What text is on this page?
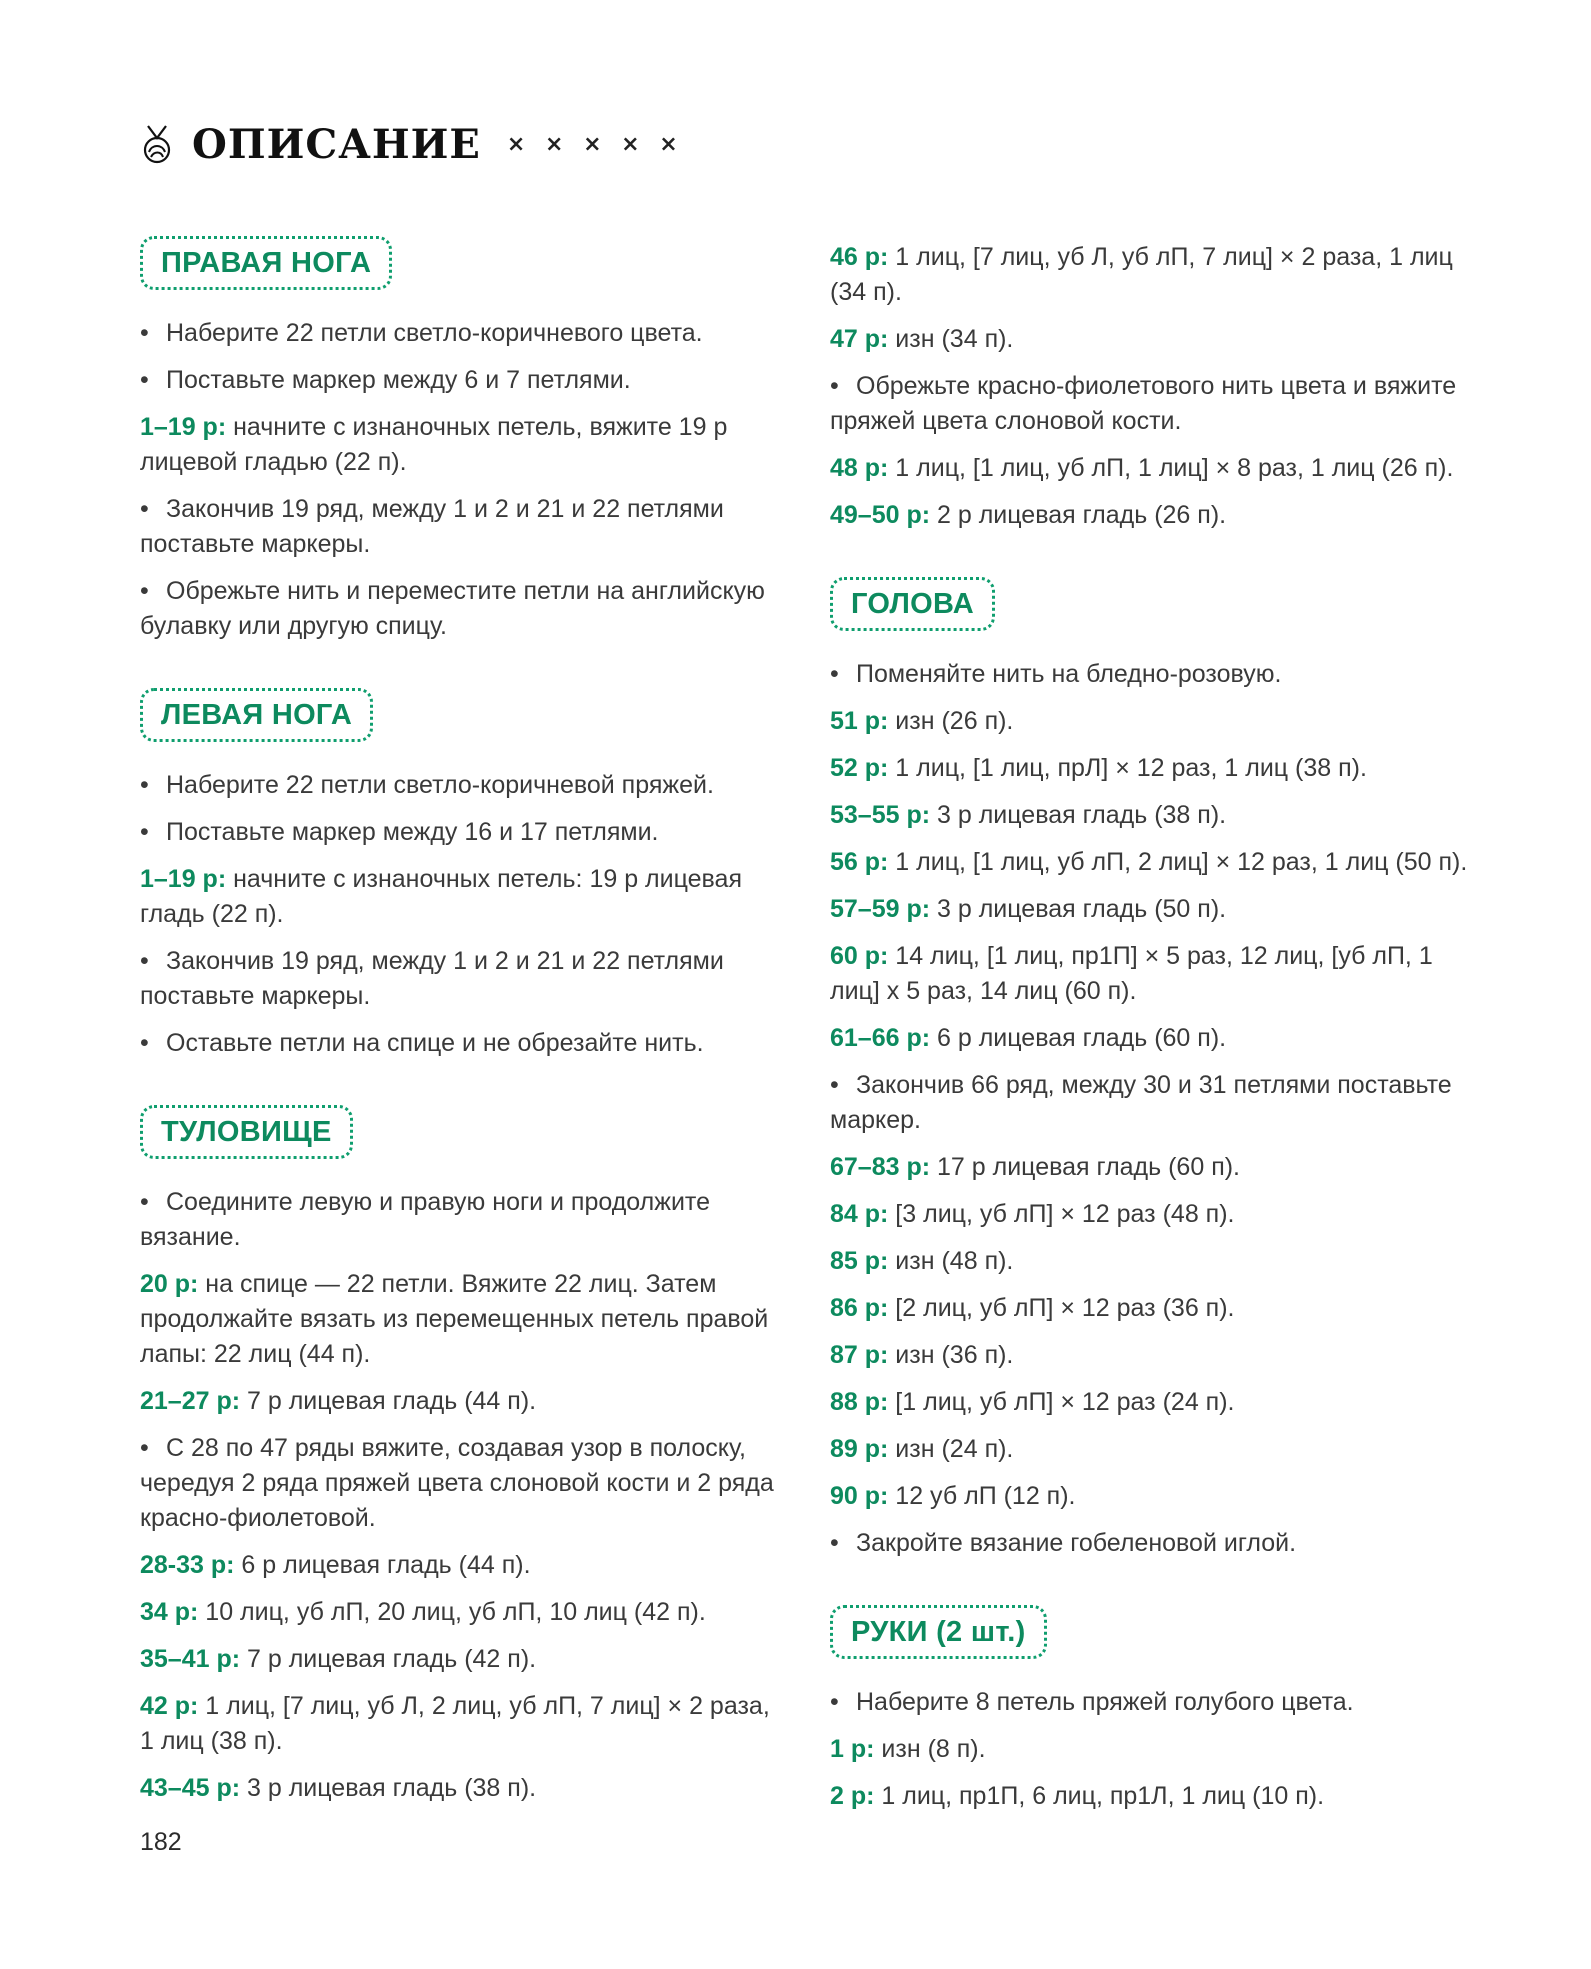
ОПИСАНИЕ × × × × ×
ПРАВАЯ НОГА
• Наберите 22 петли светло-коричневого цвета.
• Поставьте маркер между 6 и 7 петлями.
1–19 р: начните с изнаночных петель, вяжите 19 р лицевой гладью (22 п).
• Закончив 19 ряд, между 1 и 2 и 21 и 22 петлями поставьте маркеры.
• Обрежьте нить и переместите петли на английскую булавку или другую спицу.
ЛЕВАЯ НОГА
• Наберите 22 петли светло-коричневой пряжей.
• Поставьте маркер между 16 и 17 петлями.
1–19 р: начните с изнаночных петель: 19 р лицевая гладь (22 п).
• Закончив 19 ряд, между 1 и 2 и 21 и 22 петлями поставьте маркеры.
• Оставьте петли на спице и не обрезайте нить.
ТУЛОВИЩЕ
• Соедините левую и правую ноги и продолжите вязание.
20 р: на спице — 22 петли. Вяжите 22 лиц. Затем продолжайте вязать из перемещенных петель правой лапы: 22 лиц (44 п).
21–27 р: 7 р лицевая гладь (44 п).
• С 28 по 47 ряды вяжите, создавая узор в полоску, чередуя 2 ряда пряжей цвета слоновой кости и 2 ряда красно-фиолетовой.
28-33 р: 6 р лицевая гладь (44 п).
34 р: 10 лиц, уб лП, 20 лиц, уб лП, 10 лиц (42 п).
35–41 р: 7 р лицевая гладь (42 п).
42 р: 1 лиц, [7 лиц, уб Л, 2 лиц, уб лП, 7 лиц] × 2 раза, 1 лиц (38 п).
43–45 р: 3 р лицевая гладь (38 п).
46 р: 1 лиц, [7 лиц, уб Л, уб лП, 7 лиц] × 2 раза, 1 лиц (34 п).
47 р: изн (34 п).
• Обрежьте красно-фиолетового нить цвета и вяжите пряжей цвета слоновой кости.
48 р: 1 лиц, [1 лиц, уб лП, 1 лиц] × 8 раз, 1 лиц (26 п).
49–50 р: 2 р лицевая гладь (26 п).
ГОЛОВА
• Поменяйте нить на бледно-розовую.
51 р: изн (26 п).
52 р: 1 лиц, [1 лиц, прЛ] × 12 раз, 1 лиц (38 п).
53–55 р: 3 р лицевая гладь (38 п).
56 р: 1 лиц, [1 лиц, уб лП, 2 лиц] × 12 раз, 1 лиц (50 п).
57–59 р: 3 р лицевая гладь (50 п).
60 р: 14 лиц, [1 лиц, пр1П] × 5 раз, 12 лиц, [уб лП, 1 лиц] х 5 раз, 14 лиц (60 п).
61–66 р: 6 р лицевая гладь (60 п).
• Закончив 66 ряд, между 30 и 31 петлями поставьте маркер.
67–83 р: 17 р лицевая гладь (60 п).
84 р: [3 лиц, уб лП] × 12 раз (48 п).
85 р: изн (48 п).
86 р: [2 лиц, уб лП] × 12 раз (36 п).
87 р: изн (36 п).
88 р: [1 лиц, уб лП] × 12 раз (24 п).
89 р: изн (24 п).
90 р: 12 уб лП (12 п).
• Закройте вязание гобеленовой иглой.
РУКИ (2 шт.)
• Наберите 8 петель пряжей голубого цвета.
1 р: изн (8 п).
2 р: 1 лиц, пр1П, 6 лиц, пр1Л, 1 лиц (10 п).
182
